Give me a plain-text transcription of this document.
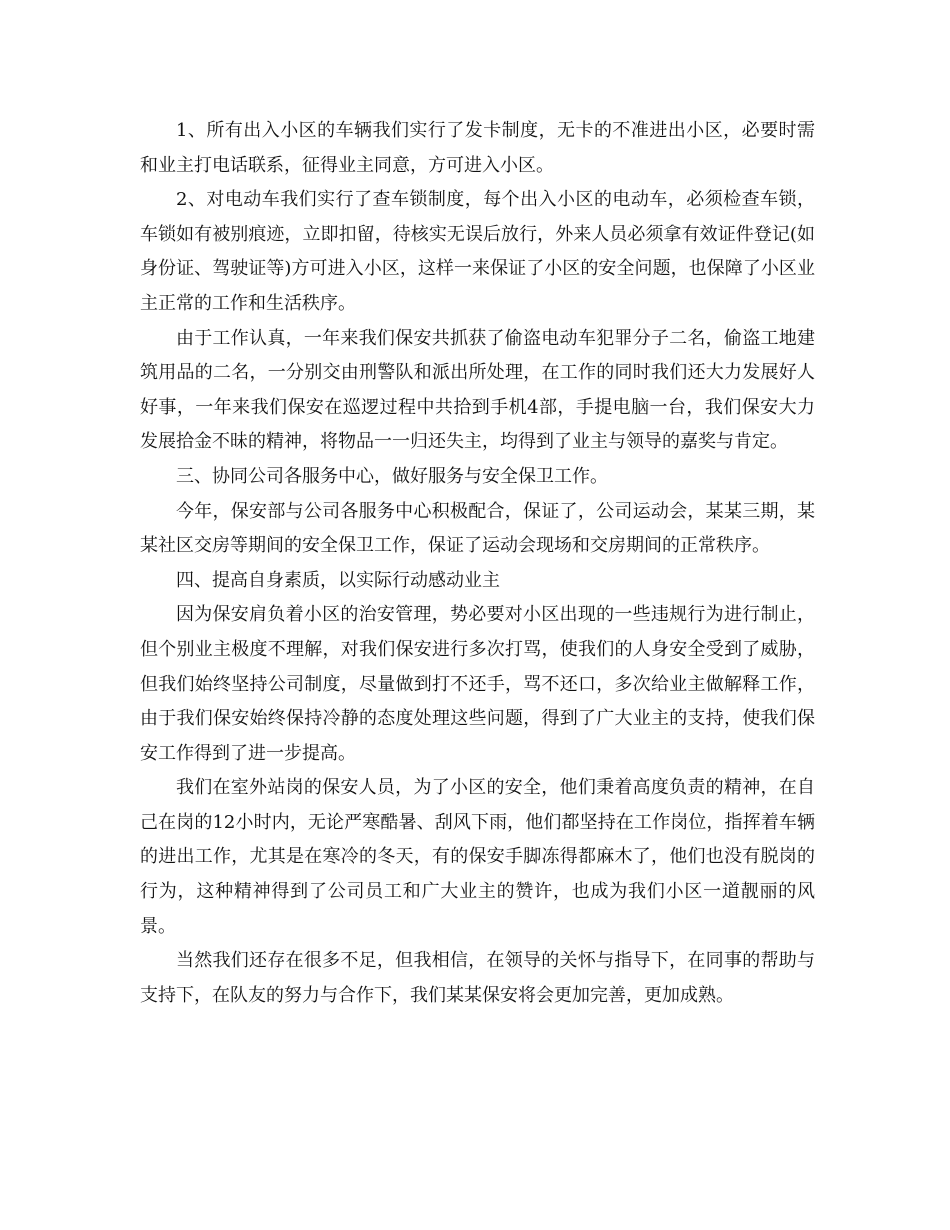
1、所有出入小区的车辆我们实行了发卡制度，无卡的不准进出小区，必要时需和业主打电话联系，征得业主同意，方可进入小区。

2、对电动车我们实行了查车锁制度，每个出入小区的电动车，必须检查车锁，车锁如有被别痕迹，立即扣留，待核实无误后放行，外来人员必须拿有效证件登记(如身份证、驾驶证等)方可进入小区，这样一来保证了小区的安全问题，也保障了小区业主正常的工作和生活秩序。

由于工作认真，一年来我们保安共抓获了偷盗电动车犯罪分子二名，偷盗工地建筑用品的二名，一分别交由刑警队和派出所处理，在工作的同时我们还大力发展好人好事，一年来我们保安在巡逻过程中共拾到手机4部，手提电脑一台，我们保安大力发展拾金不昧的精神，将物品一一归还失主，均得到了业主与领导的嘉奖与肯定。

三、协同公司各服务中心，做好服务与安全保卫工作。

今年，保安部与公司各服务中心积极配合，保证了，公司运动会，某某三期，某某社区交房等期间的安全保卫工作，保证了运动会现场和交房期间的正常秩序。

四、提高自身素质，以实际行动感动业主

因为保安肩负着小区的治安管理，势必要对小区出现的一些违规行为进行制止，但个别业主极度不理解，对我们保安进行多次打骂，使我们的人身安全受到了威胁，但我们始终坚持公司制度，尽量做到打不还手，骂不还口，多次给业主做解释工作，由于我们保安始终保持冷静的态度处理这些问题，得到了广大业主的支持，使我们保安工作得到了进一步提高。

我们在室外站岗的保安人员，为了小区的安全，他们秉着高度负责的精神，在自己在岗的12小时内，无论严寒酷暑、刮风下雨，他们都坚持在工作岗位，指挥着车辆的进出工作，尤其是在寒冷的冬天，有的保安手脚冻得都麻木了，他们也没有脱岗的行为，这种精神得到了公司员工和广大业主的赞许，也成为我们小区一道靓丽的风景。

当然我们还存在很多不足，但我相信，在领导的关怀与指导下，在同事的帮助与支持下，在队友的努力与合作下，我们某某保安将会更加完善，更加成熟。
